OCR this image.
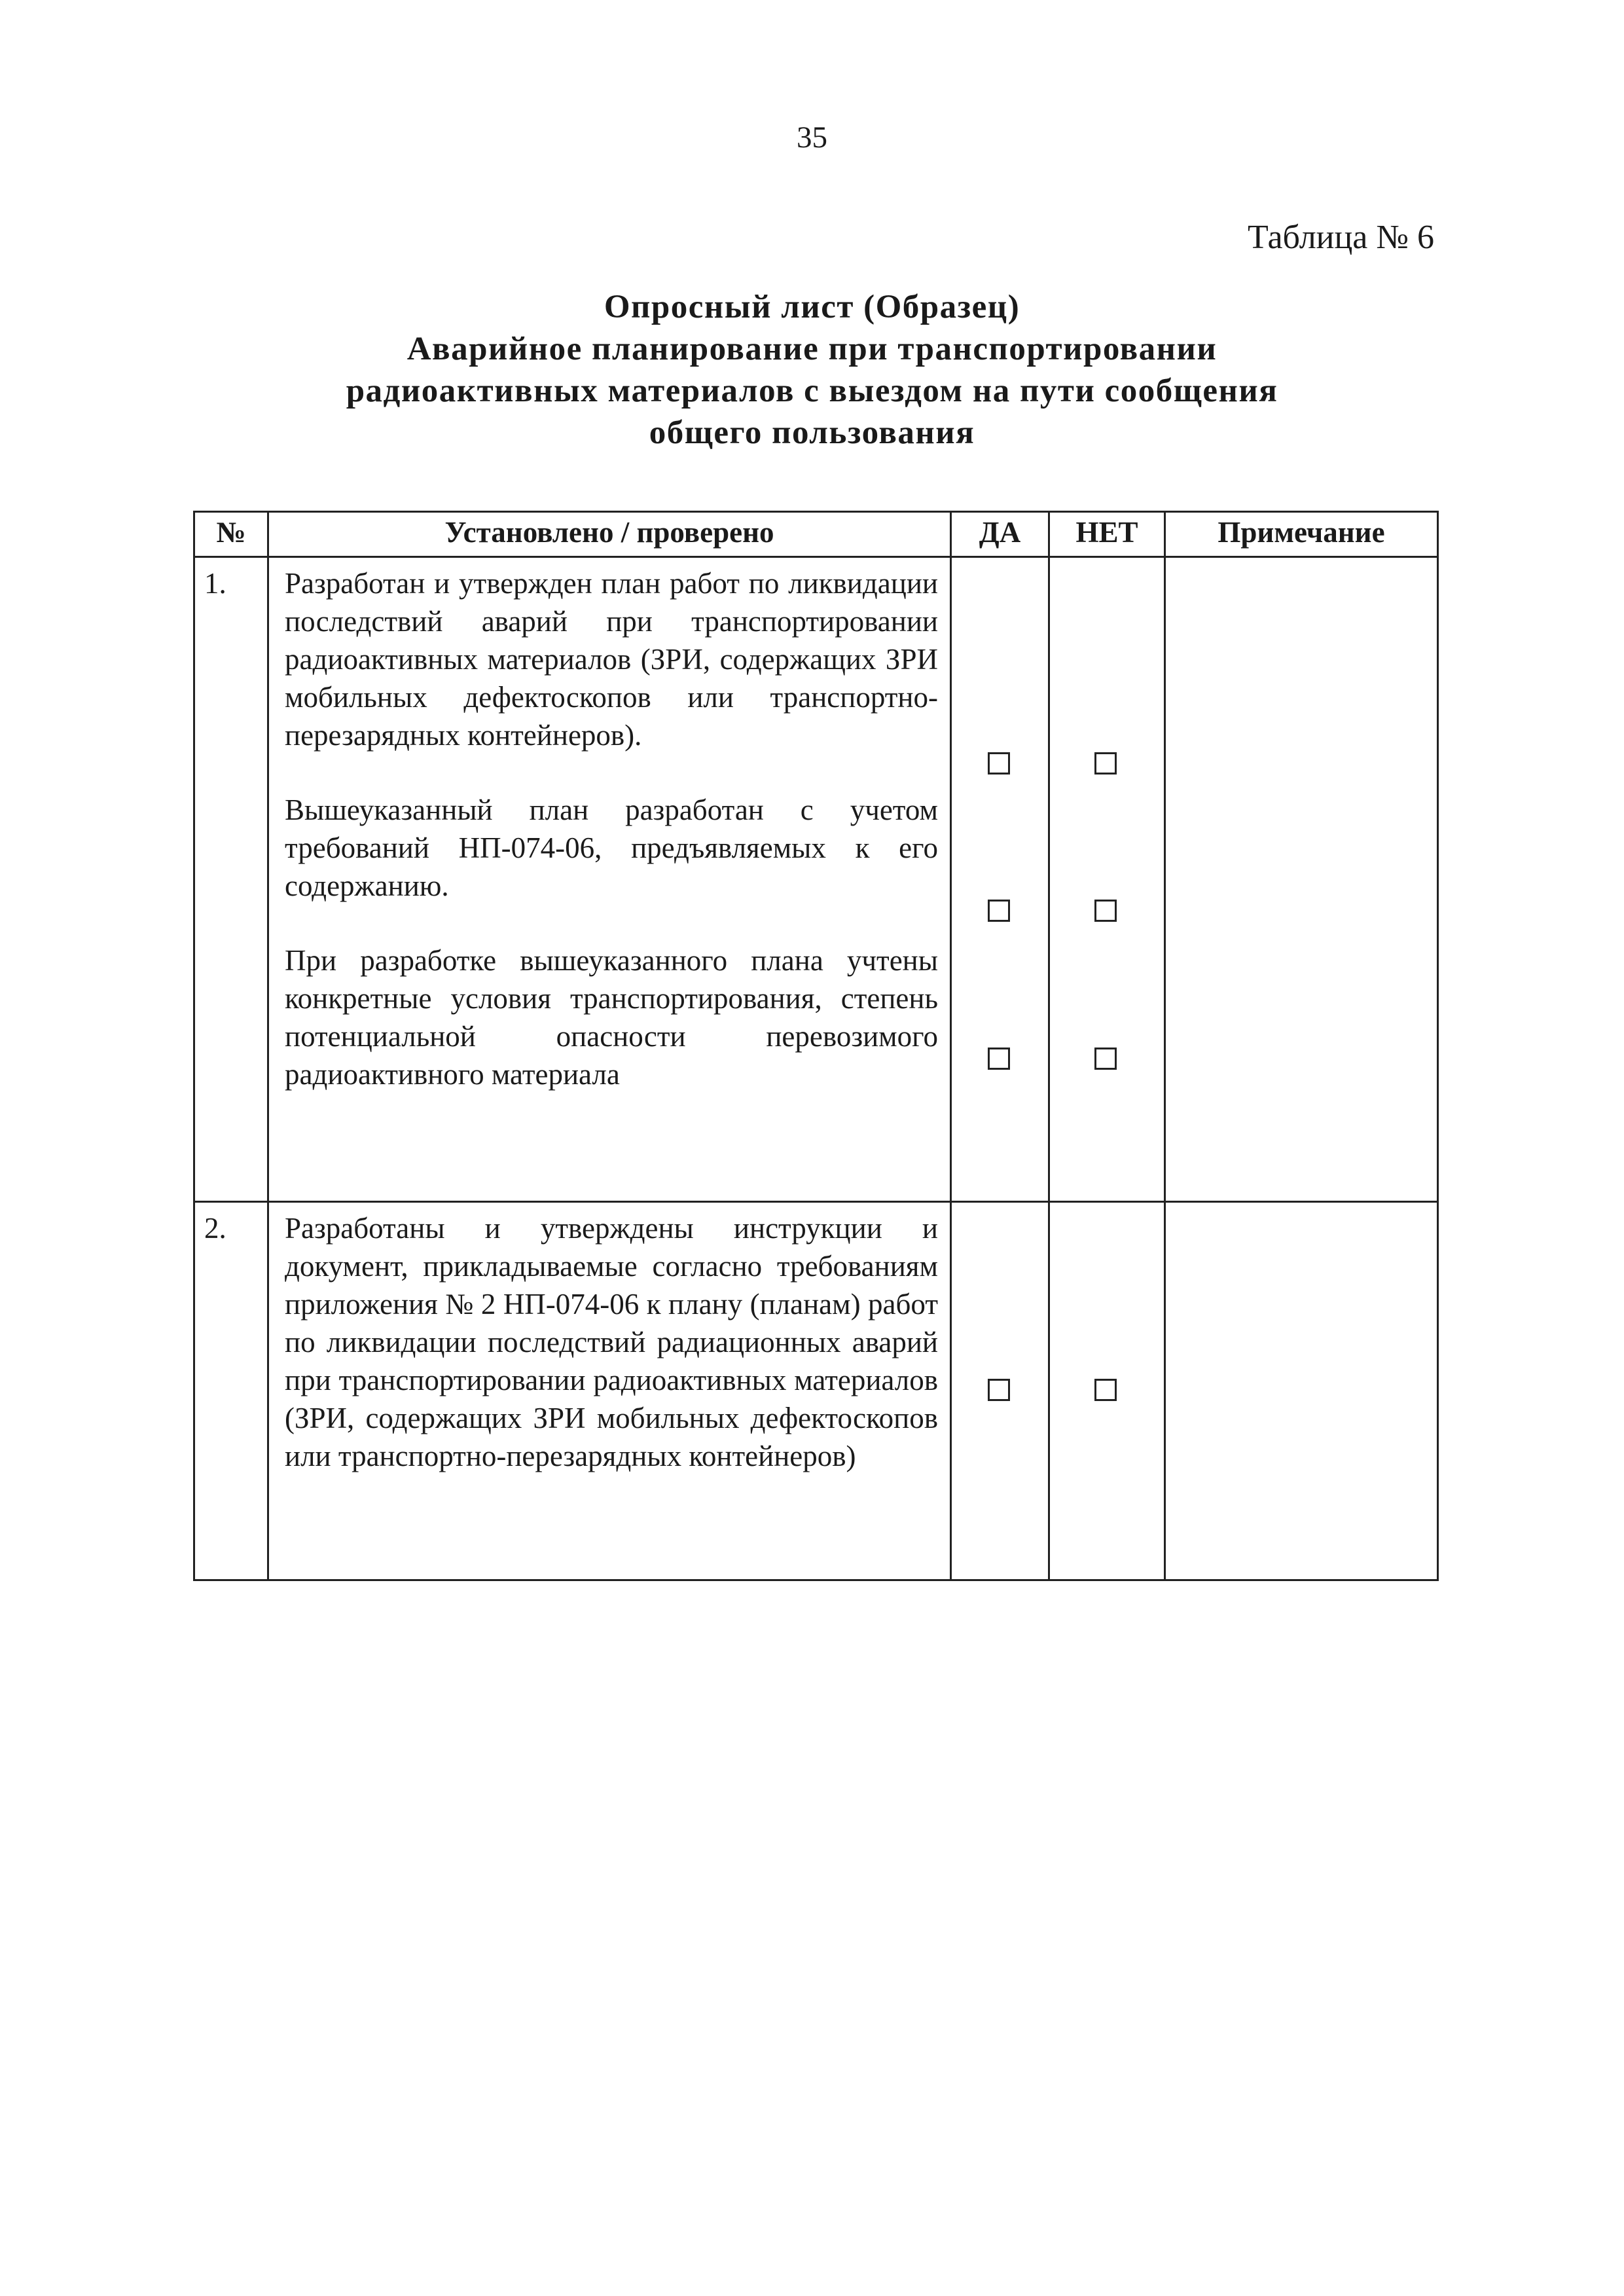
35
Таблица № 6
Опросный лист (Образец)
Аварийное планирование при транспортировании
радиоактивных материалов с выездом на пути сообщения
общего пользования
№	Установлено / проверено	ДА	НЕТ	Примечание
1.	Разработан и утвержден план работ по ликвидации последствий аварий при транспортировании радиоактивных материалов (ЗРИ, содержащих ЗРИ мобильных дефектоскопов или транспортно-перезарядных контейнеров).
Вышеуказанный план разработан с учетом требований НП-074-06, предъявляемых к его содержанию.
При разработке вышеуказанного плана учтены конкретные условия транспортирования, степень потенциальной опасности перевозимого радиоактивного материала			

2.	Разработаны и утверждены инструкции и документ, прикладываемые согласно требованиям приложения № 2 НП-074-06 к плану (планам) работ по ликвидации последствий радиационных аварий при транспортировании радиоактивных материалов (ЗРИ, содержащих ЗРИ мобильных дефектоскопов или транспортно-перезарядных контейнеров)			
